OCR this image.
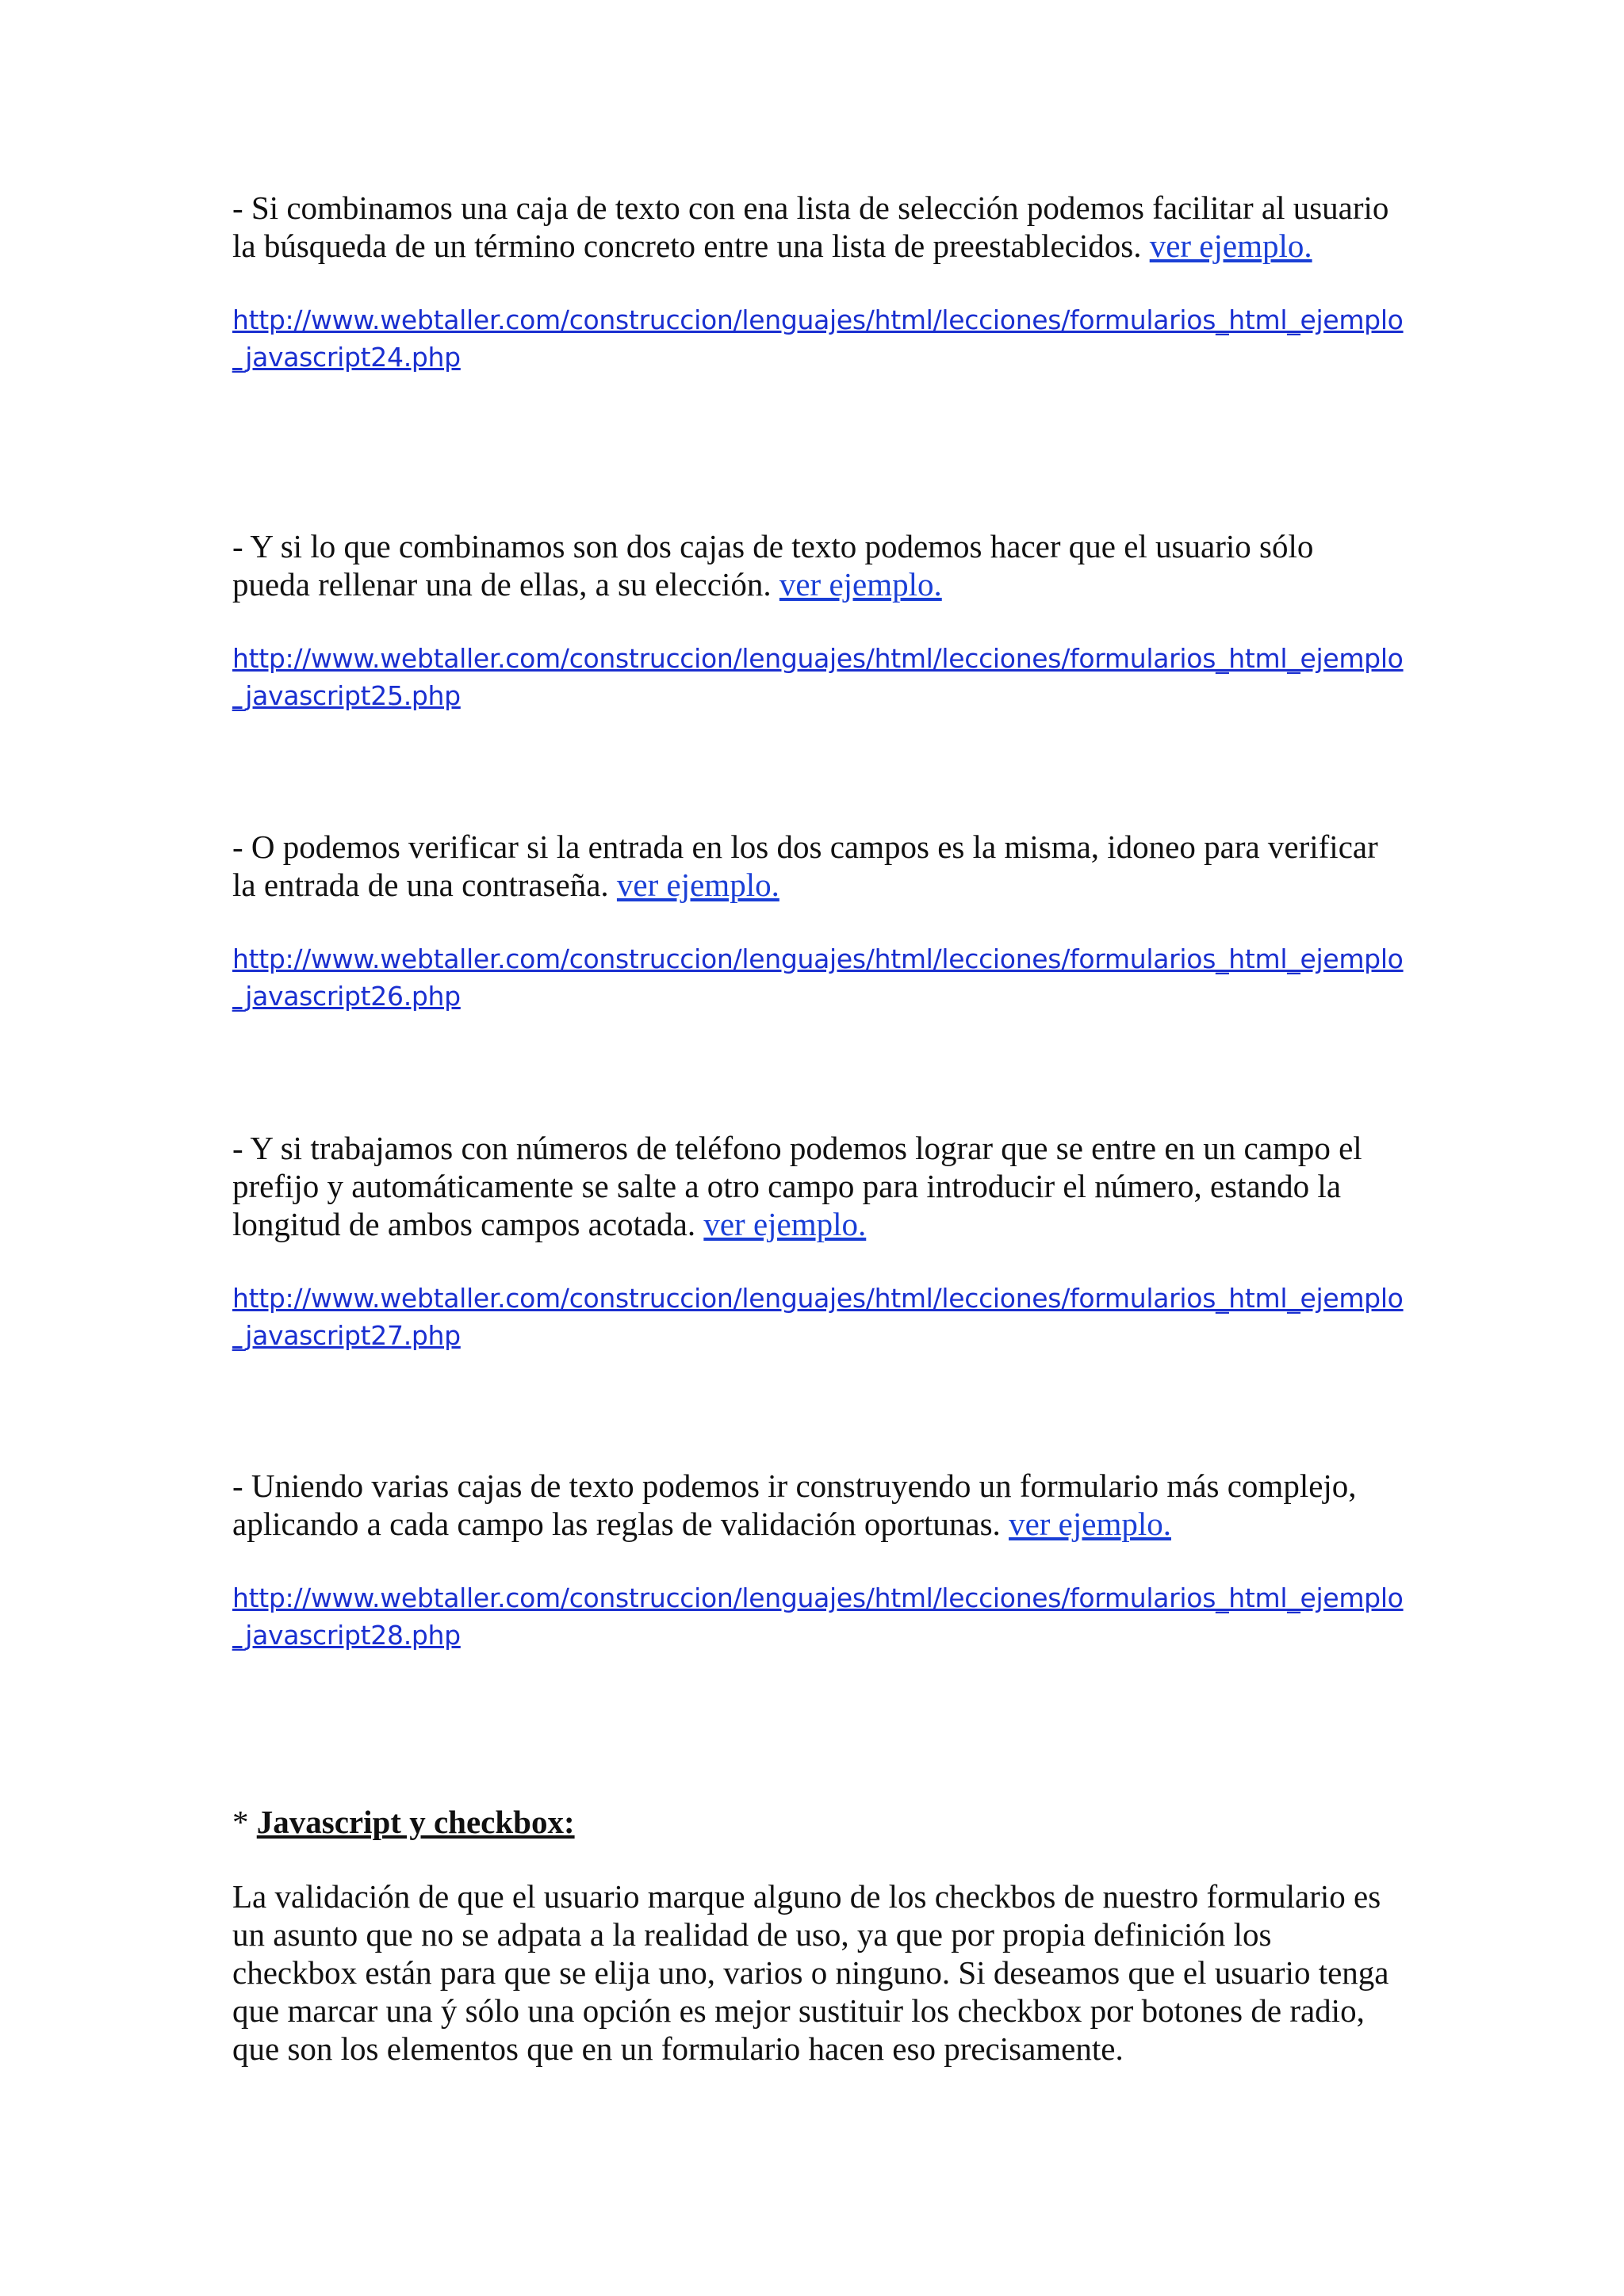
- Si combinamos una caja de texto con ena lista de selección podemos facilitar al usuario la búsqueda de un término concreto entre una lista de preestablecidos. ver ejemplo.

http://www.webtaller.com/construccion/lenguajes/html/lecciones/formularios_html_ejemplo
_javascript24.php

- Y si lo que combinamos son dos cajas de texto podemos hacer que el usuario sólo pueda rellenar una de ellas, a su elección. ver ejemplo.

http://www.webtaller.com/construccion/lenguajes/html/lecciones/formularios_html_ejemplo
_javascript25.php

- O podemos verificar si la entrada en los dos campos es la misma, idoneo para verificar la entrada de una contraseña. ver ejemplo.

http://www.webtaller.com/construccion/lenguajes/html/lecciones/formularios_html_ejemplo
_javascript26.php

- Y si trabajamos con números de teléfono podemos lograr que se entre en un campo el prefijo y automáticamente se salte a otro campo para introducir el número, estando la longitud de ambos campos acotada. ver ejemplo.

http://www.webtaller.com/construccion/lenguajes/html/lecciones/formularios_html_ejemplo
_javascript27.php

- Uniendo varias cajas de texto podemos ir construyendo un formulario más complejo, aplicando a cada campo las reglas de validación oportunas. ver ejemplo.

http://www.webtaller.com/construccion/lenguajes/html/lecciones/formularios_html_ejemplo
_javascript28.php

* Javascript y checkbox:

La validación de que el usuario marque alguno de los checkbos de nuestro formulario es un asunto que no se adpata a la realidad de uso, ya que por propia definición los checkbox están para que se elija uno, varios o ninguno. Si deseamos que el usuario tenga que marcar una ý sólo una opción es mejor sustituir los checkbox por botones de radio, que son los elementos que en un formulario hacen eso precisamente.
